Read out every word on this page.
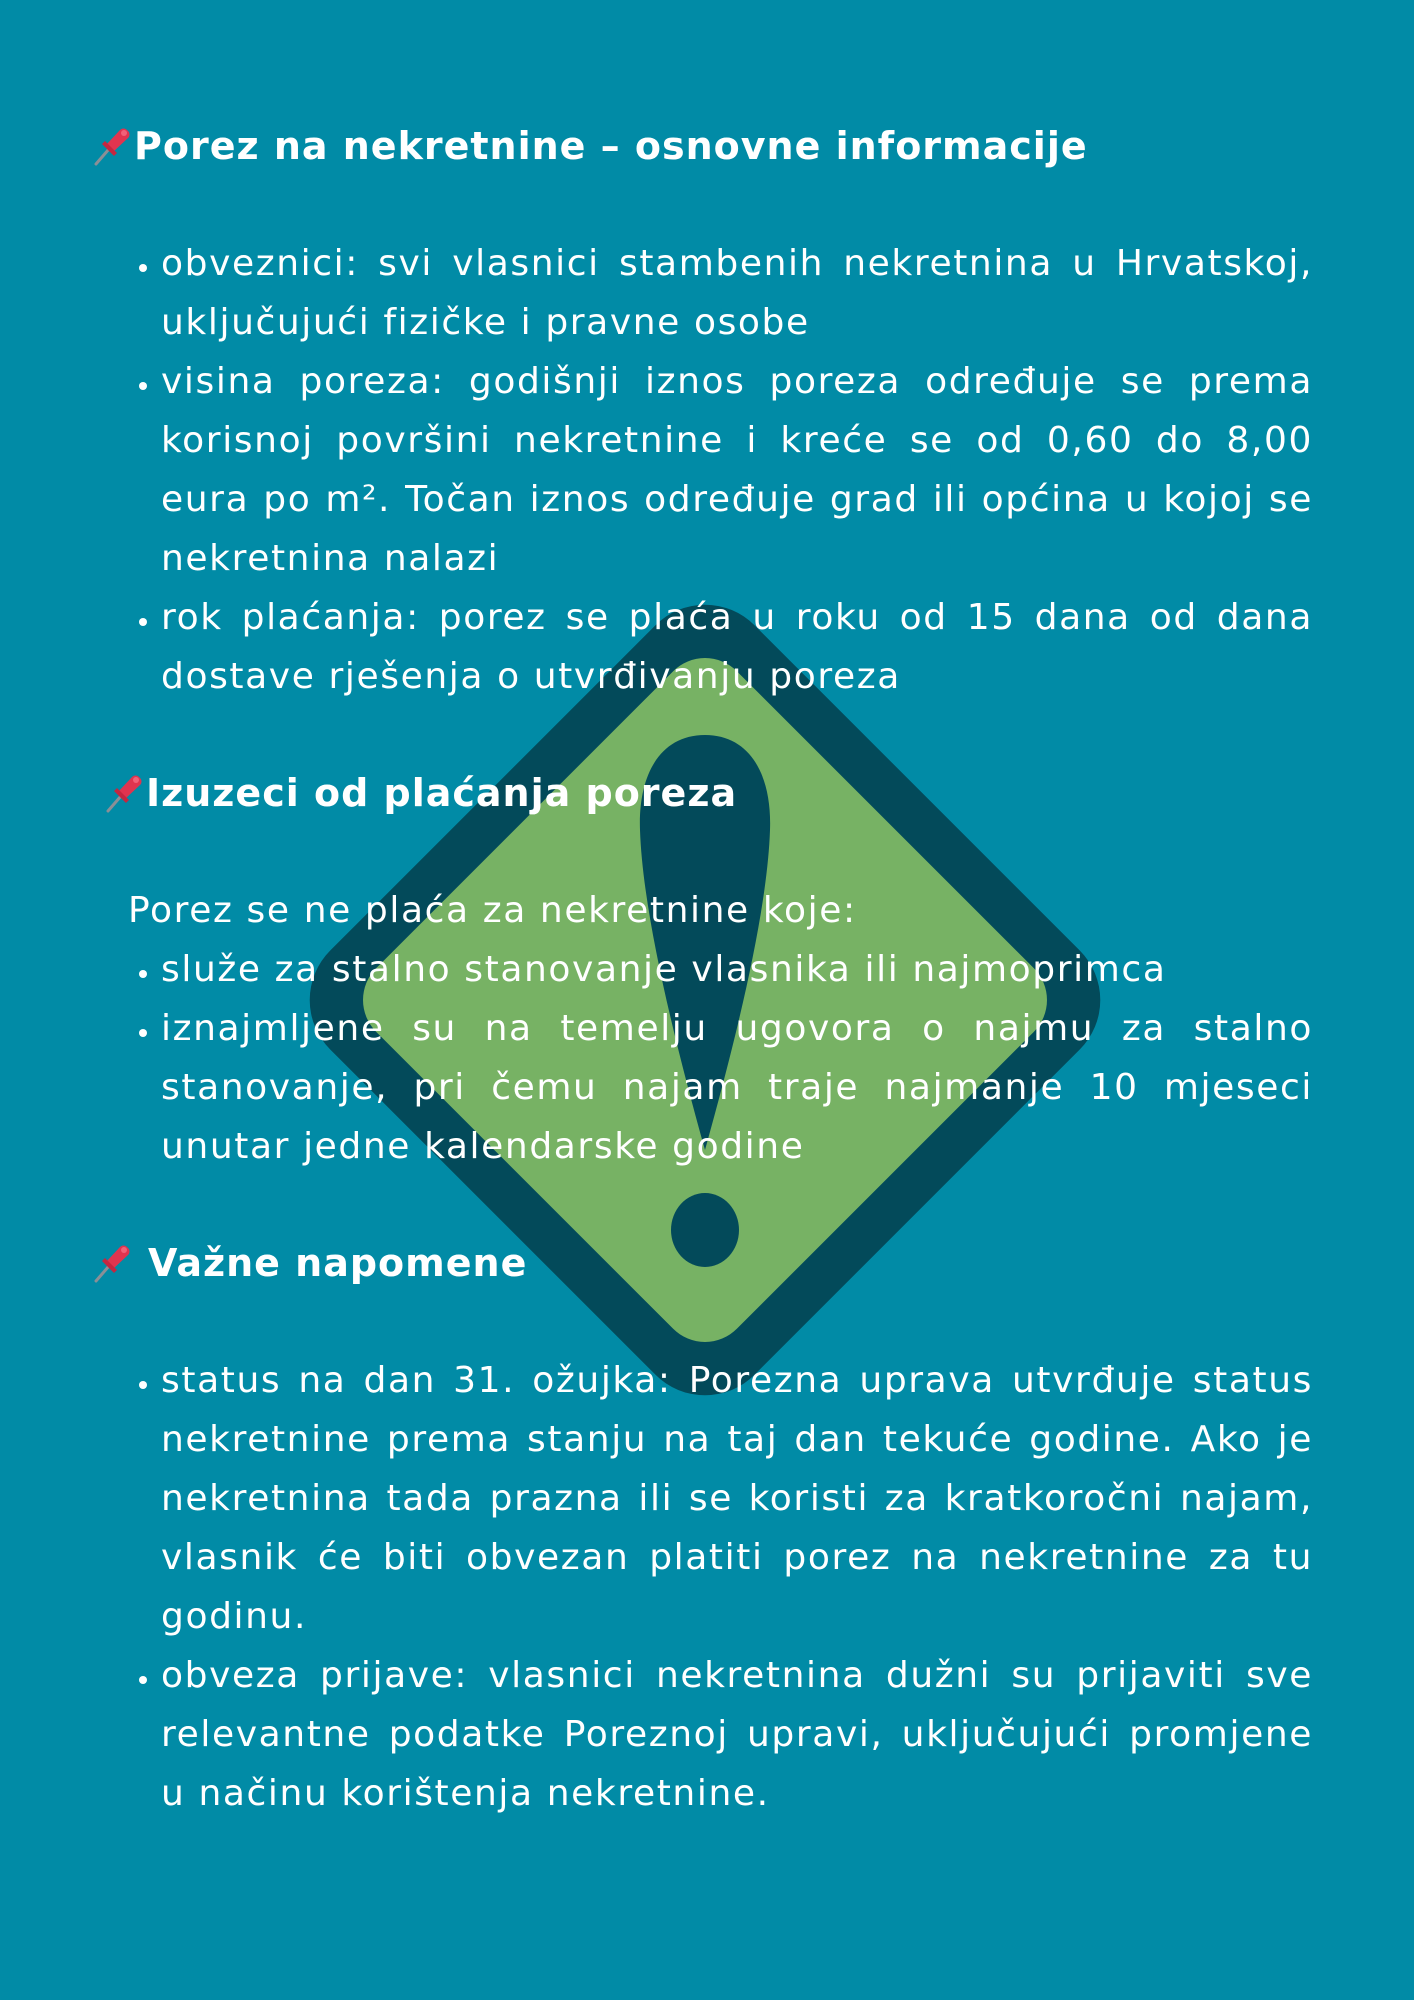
Porez na nekretnine – osnovne informacije
• obveznici: svi vlasnici stambenih nekretnina u Hrvatskoj, uključujući fizičke i pravne osobe
• visina poreza: godišnji iznos poreza određuje se prema korisnoj površini nekretnine i kreće se od 0,60 do 8,00 eura po m². Točan iznos određuje grad ili općina u kojoj se nekretnina nalazi
• rok plaćanja: porez se plaća u roku od 15 dana od dana dostave rješenja o utvrđivanju poreza
Izuzeci od plaćanja poreza
Porez se ne plaća za nekretnine koje:
• služe za stalno stanovanje vlasnika ili najmoprimca
• iznajmljene su na temelju ugovora o najmu za stalno stanovanje, pri čemu najam traje najmanje 10 mjeseci unutar jedne kalendarske godine
Važne napomene
• status na dan 31. ožujka: Porezna uprava utvrđuje status nekretnine prema stanju na taj dan tekuće godine. Ako je nekretnina tada prazna ili se koristi za kratkoročni najam, vlasnik će biti obvezan platiti porez na nekretnine za tu godinu.
• obveza prijave: vlasnici nekretnina dužni su prijaviti sve relevantne podatke Poreznoj upravi, uključujući promjene u načinu korištenja nekretnine.
